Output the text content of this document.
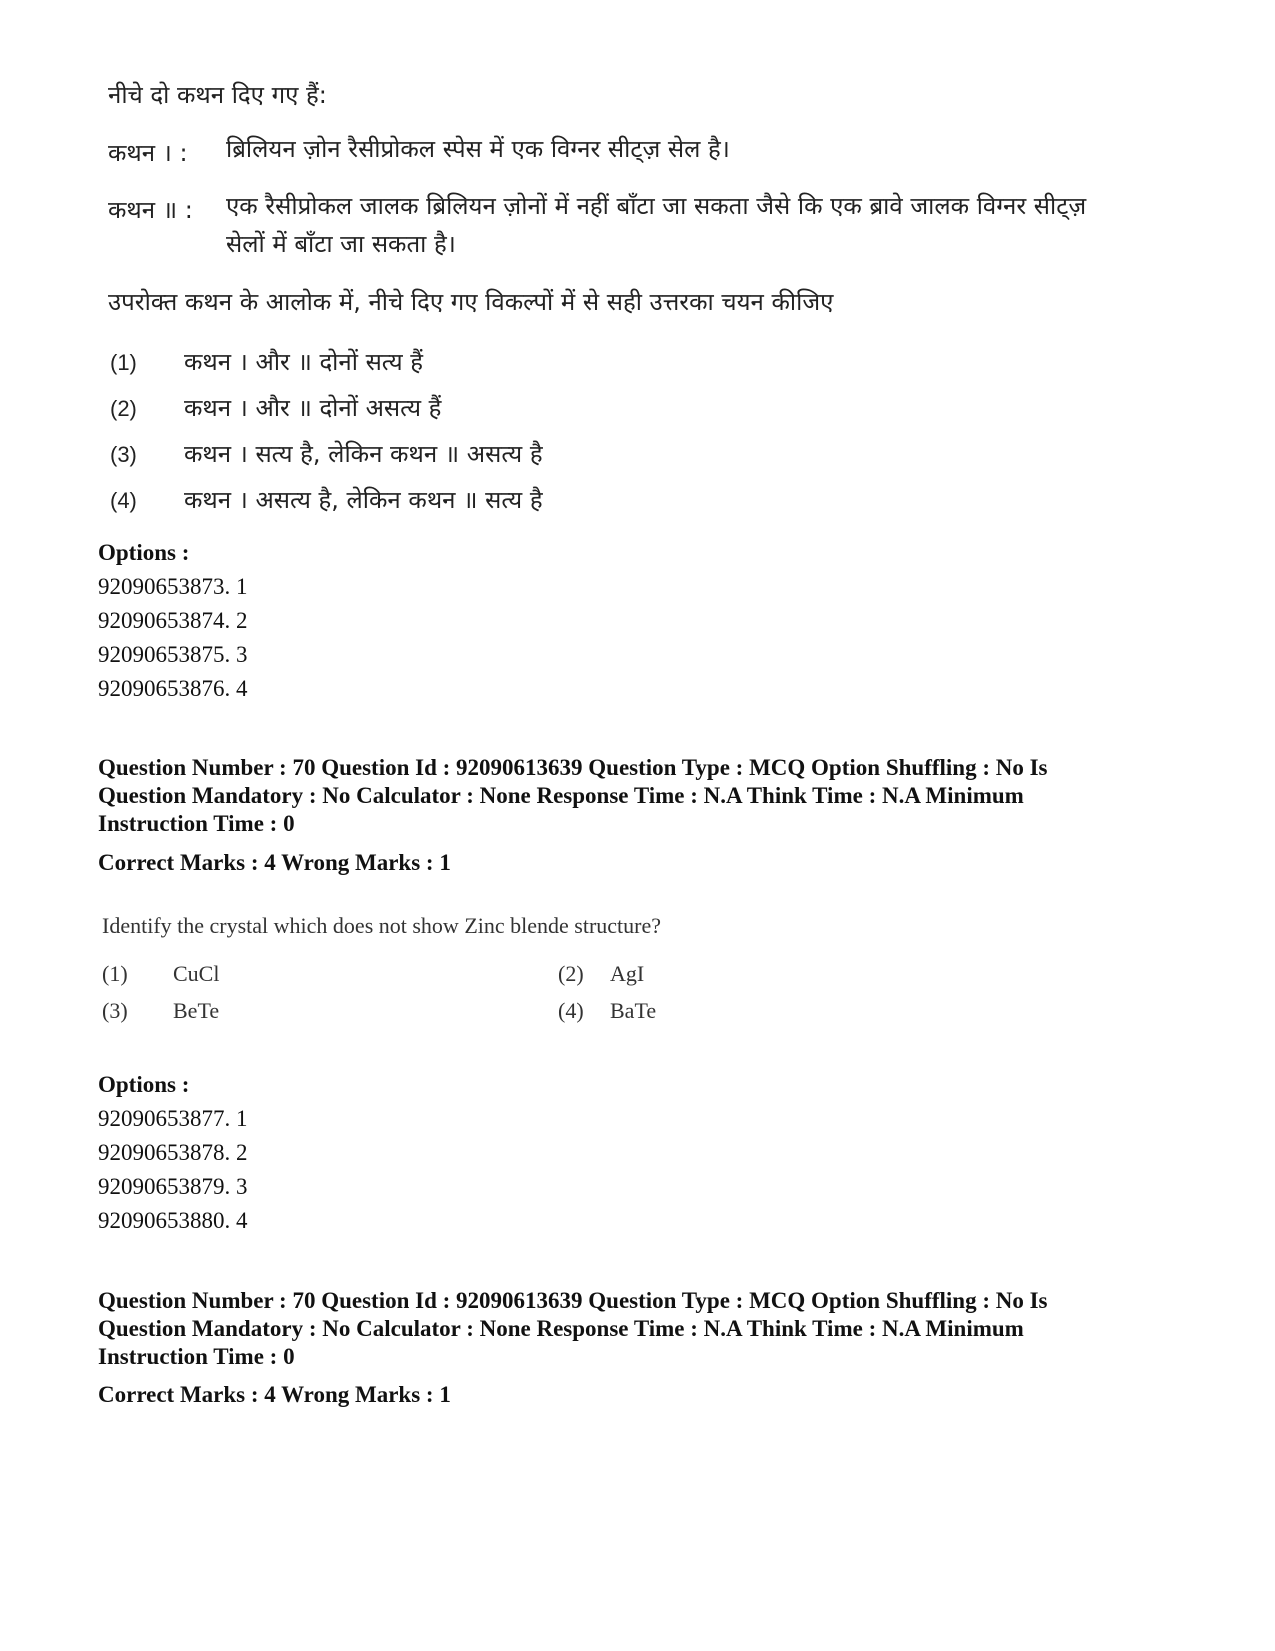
नीचे दो कथन दिए गए हैं:
कथन । : ब्रिलियन ज़ोन रैसीप्रोकल स्पेस में एक विग्नर सीट्ज़ सेल है।
कथन ॥ : एक रैसीप्रोकल जालक ब्रिलियन ज़ोनों में नहीं बाँटा जा सकता जैसे कि एक ब्रावे जालक विग्नर सीट्ज़ सेलों में बाँटा जा सकता है।
उपरोक्त कथन के आलोक में, नीचे दिए गए विकल्पों में से सही उत्तरका चयन कीजिए
(1) कथन । और ॥ दोनों सत्य हैं
(2) कथन । और ॥ दोनों असत्य हैं
(3) कथन । सत्य है, लेकिन कथन ॥ असत्य है
(4) कथन । असत्य है, लेकिन कथन ॥ सत्य है
Options :
92090653873. 1
92090653874. 2
92090653875. 3
92090653876. 4
Question Number : 70 Question Id : 92090613639 Question Type : MCQ Option Shuffling : No Is
Question Mandatory : No Calculator : None Response Time : N.A Think Time : N.A Minimum
Instruction Time : 0
Correct Marks : 4 Wrong Marks : 1
Identify the crystal which does not show Zinc blende structure?
(1) CuCl	(2) AgI
(3) BeTe	(4) BaTe
Options :
92090653877. 1
92090653878. 2
92090653879. 3
92090653880. 4
Question Number : 70 Question Id : 92090613639 Question Type : MCQ Option Shuffling : No Is
Question Mandatory : No Calculator : None Response Time : N.A Think Time : N.A Minimum
Instruction Time : 0
Correct Marks : 4 Wrong Marks : 1
